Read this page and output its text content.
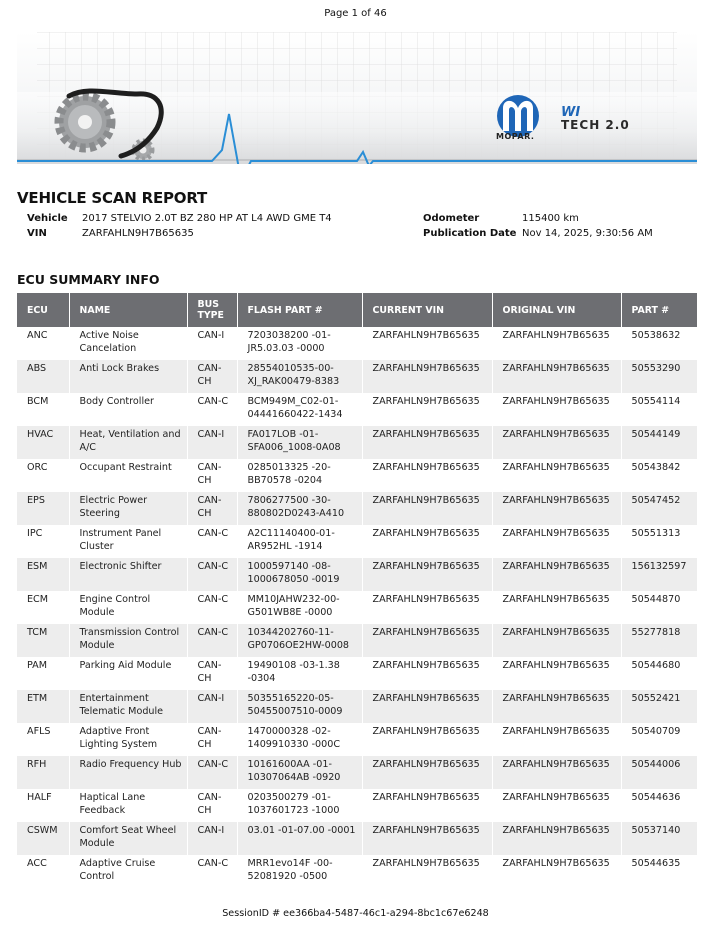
Page 1 of 46
MOPAR.
WI
TECH 2.0
VEHICLE SCAN REPORT
Vehicle 2017 STELVIO 2.0T BZ 280 HP AT L4 AWD GME T4
VIN	ZARFAHLN9H7B65635
Odometer	115400 km
Publication Date Nov 14, 2025, 9:30:56 AM
ECU SUMMARY INFO
ECU	NAME	BUS TYPE	FLASH PART #	CURRENT VIN	ORIGINAL VIN	PART #
ANC	Active Noise Cancelation	CAN-I	7203038200 -01-JR5.03.03 -0000	ZARFAHLN9H7B65635	ZARFAHLN9H7B65635	50538632
ABS	Anti Lock Brakes	CAN-CH	28554010535-00-XJ_RAK00479-8383	ZARFAHLN9H7B65635	ZARFAHLN9H7B65635	50553290
BCM	Body Controller	CAN-C	BCM949M_C02-01-04441660422-1434	ZARFAHLN9H7B65635	ZARFAHLN9H7B65635	50554114
HVAC	Heat, Ventilation and A/C	CAN-I	FA017LOB -01-SFA006_1008-0A08	ZARFAHLN9H7B65635	ZARFAHLN9H7B65635	50544149
ORC	Occupant Restraint	CAN-CH	0285013325 -20-BB70578 -0204	ZARFAHLN9H7B65635	ZARFAHLN9H7B65635	50543842
EPS	Electric Power Steering	CAN-CH	7806277500 -30-880802D0243-A410	ZARFAHLN9H7B65635	ZARFAHLN9H7B65635	50547452
IPC	Instrument Panel Cluster	CAN-C	A2C11140400-01-AR952HL -1914	ZARFAHLN9H7B65635	ZARFAHLN9H7B65635	50551313
ESM	Electronic Shifter	CAN-C	1000597140 -08-1000678050 -0019	ZARFAHLN9H7B65635	ZARFAHLN9H7B65635	156132597
ECM	Engine Control Module	CAN-C	MM10JAHW232-00-G501WB8E -0000	ZARFAHLN9H7B65635	ZARFAHLN9H7B65635	50544870
TCM	Transmission Control Module	CAN-C	10344202760-11-GP0706OE2HW-0008	ZARFAHLN9H7B65635	ZARFAHLN9H7B65635	55277818
PAM	Parking Aid Module	CAN-CH	19490108 -03-1.38 -0304	ZARFAHLN9H7B65635	ZARFAHLN9H7B65635	50544680
ETM	Entertainment Telematic Module	CAN-I	50355165220-05-50455007510-0009	ZARFAHLN9H7B65635	ZARFAHLN9H7B65635	50552421
AFLS	Adaptive Front Lighting System	CAN-CH	1470000328 -02-1409910330 -000C	ZARFAHLN9H7B65635	ZARFAHLN9H7B65635	50540709
RFH	Radio Frequency Hub	CAN-C	10161600AA -01-10307064AB -0920	ZARFAHLN9H7B65635	ZARFAHLN9H7B65635	50544006
HALF	Haptical Lane Feedback	CAN-CH	0203500279 -01-1037601723 -1000	ZARFAHLN9H7B65635	ZARFAHLN9H7B65635	50544636
CSWM	Comfort Seat Wheel Module	CAN-I	03.01 -01-07.00 -0001	ZARFAHLN9H7B65635	ZARFAHLN9H7B65635	50537140
ACC	Adaptive Cruise Control	CAN-C	MRR1evo14F -00-52081920 -0500	ZARFAHLN9H7B65635	ZARFAHLN9H7B65635	50544635
SessionID # ee366ba4-5487-46c1-a294-8bc1c67e6248
